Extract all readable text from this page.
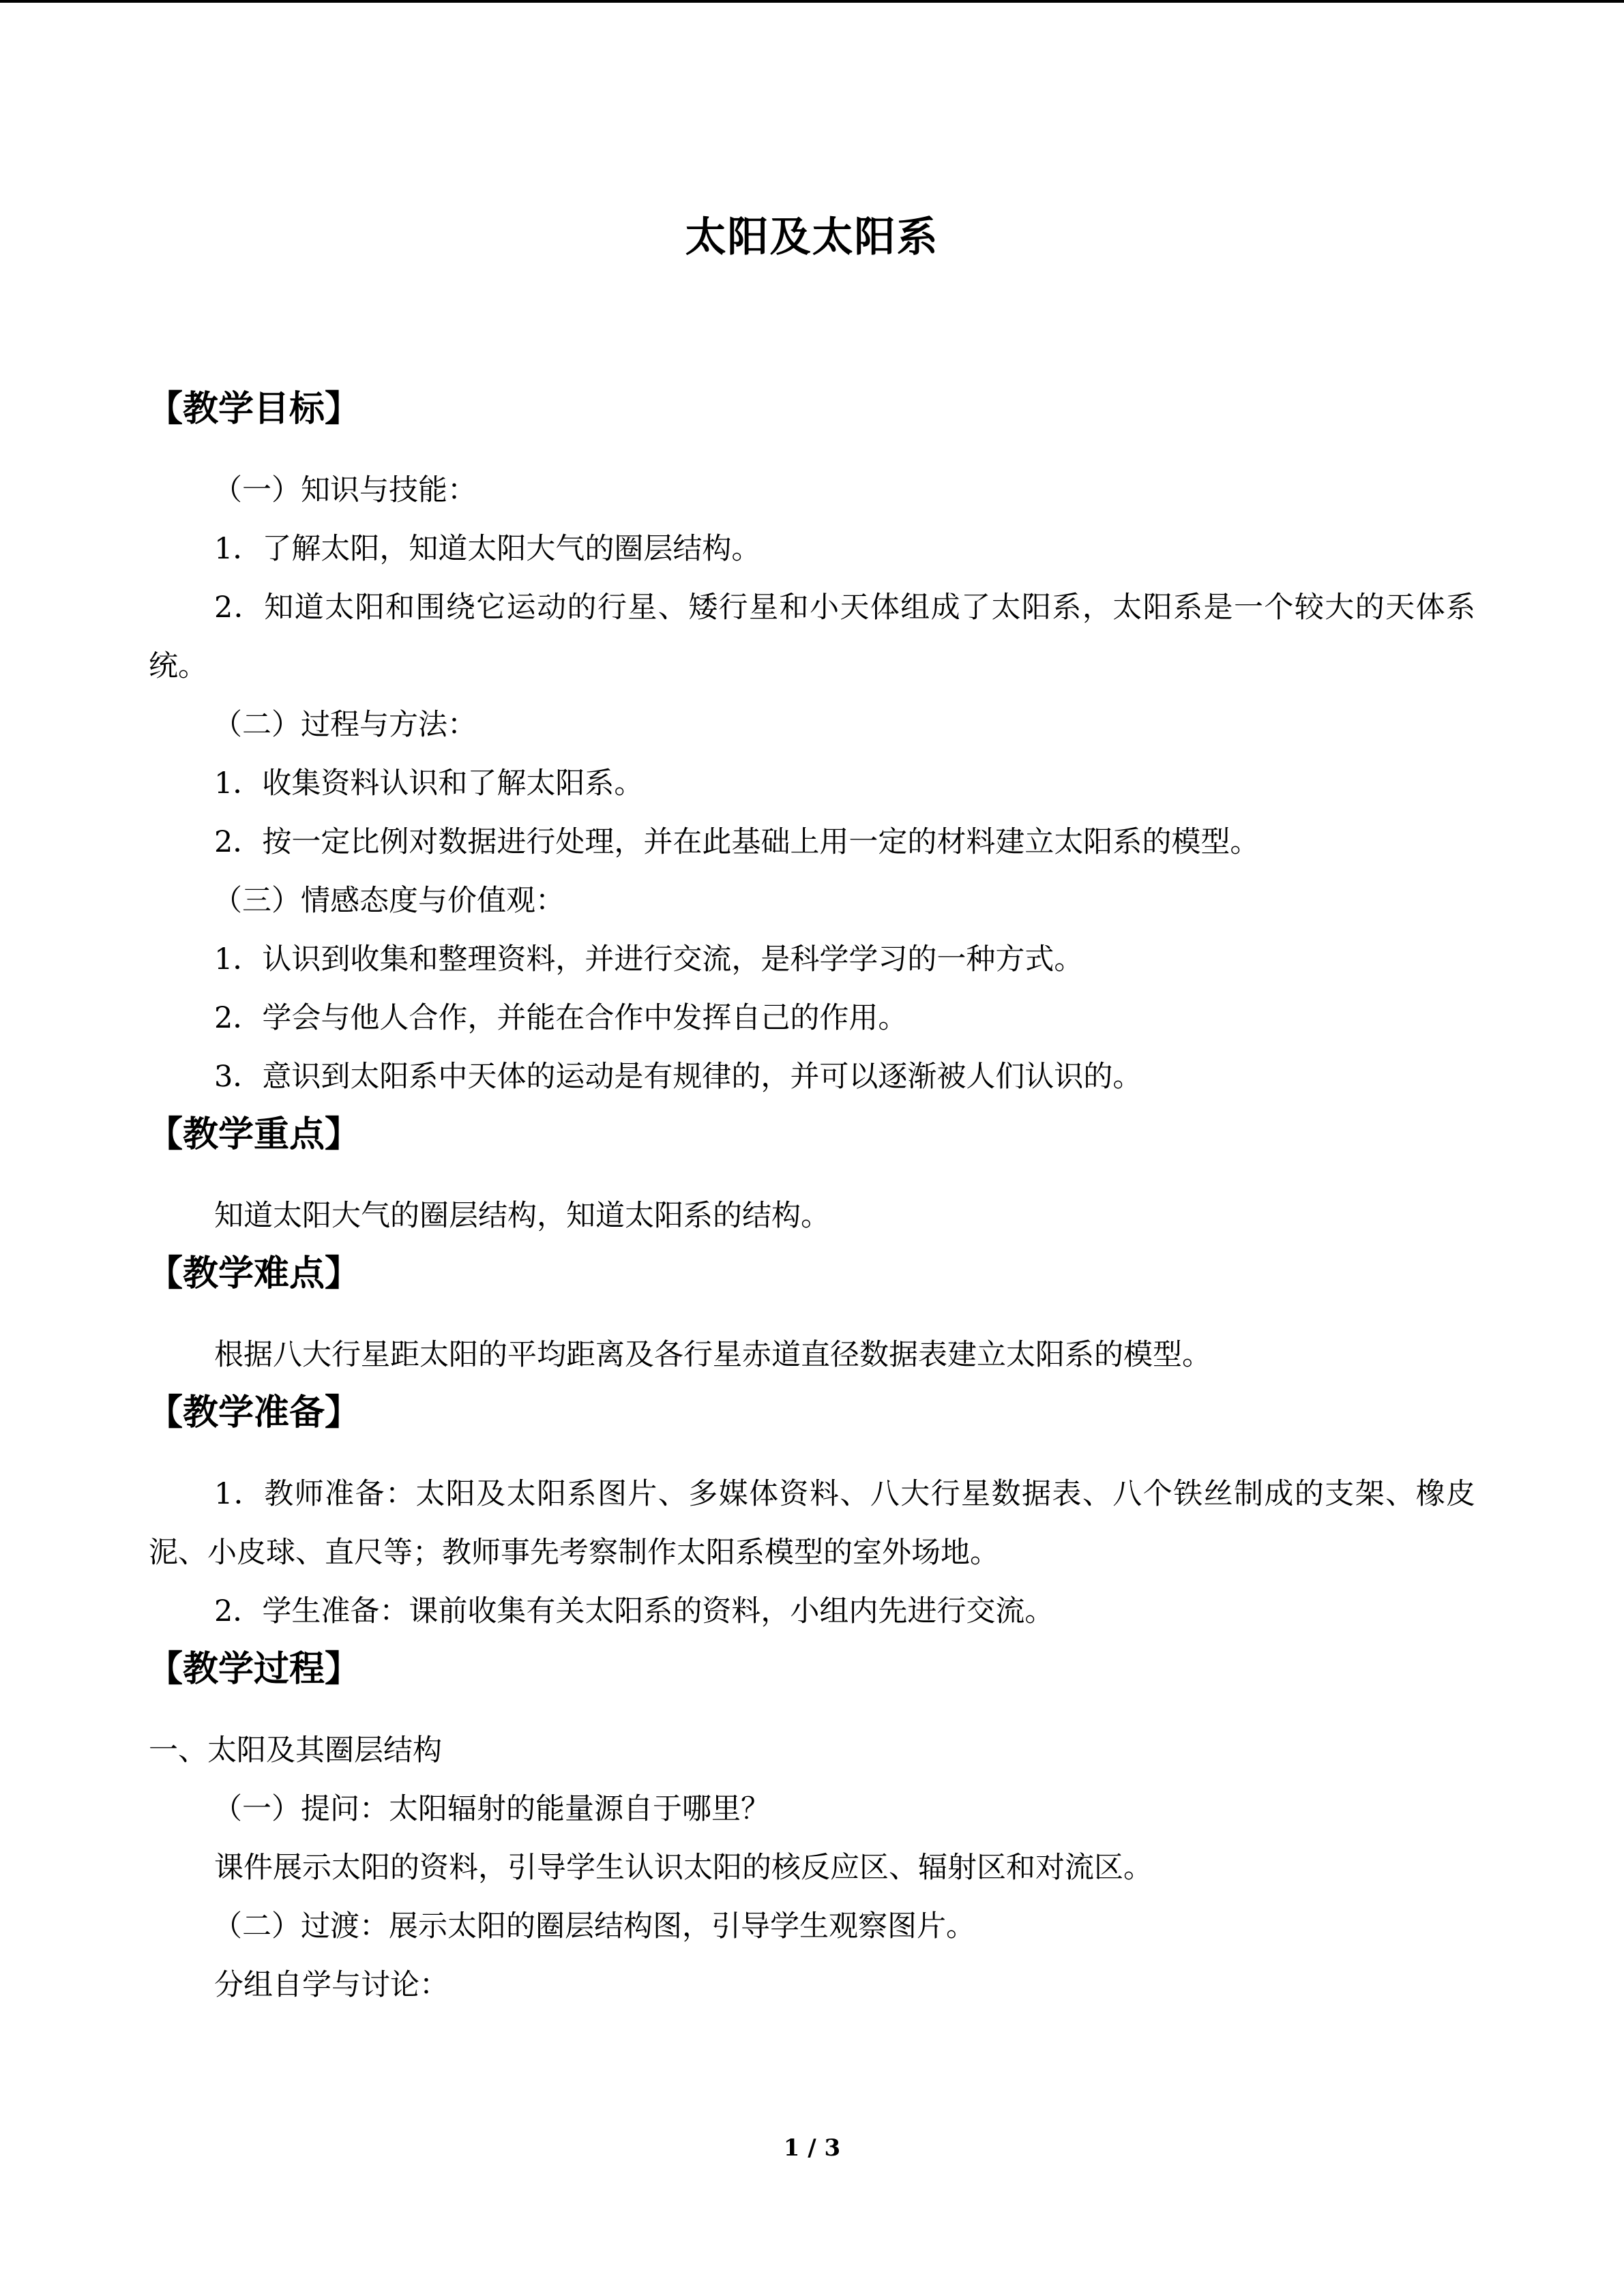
太阳及太阳系
【教学目标】
（一）知识与技能：
1．了解太阳，知道太阳大气的圈层结构。
2．知道太阳和围绕它运动的行星、矮行星和小天体组成了太阳系，太阳系是一个较大的天体系统。
（二）过程与方法：
1．收集资料认识和了解太阳系。
2．按一定比例对数据进行处理，并在此基础上用一定的材料建立太阳系的模型。
（三）情感态度与价值观：
1．认识到收集和整理资料，并进行交流，是科学学习的一种方式。
2．学会与他人合作，并能在合作中发挥自己的作用。
3．意识到太阳系中天体的运动是有规律的，并可以逐渐被人们认识的。
【教学重点】
知道太阳大气的圈层结构，知道太阳系的结构。
【教学难点】
根据八大行星距太阳的平均距离及各行星赤道直径数据表建立太阳系的模型。
【教学准备】
1．教师准备：太阳及太阳系图片、多媒体资料、八大行星数据表、八个铁丝制成的支架、橡皮泥、小皮球、直尺等；教师事先考察制作太阳系模型的室外场地。
2．学生准备：课前收集有关太阳系的资料，小组内先进行交流。
【教学过程】
一、太阳及其圈层结构
（一）提问：太阳辐射的能量源自于哪里？
课件展示太阳的资料，引导学生认识太阳的核反应区、辐射区和对流区。
（二）过渡：展示太阳的圈层结构图，引导学生观察图片。
分组自学与讨论：
1 / 3
